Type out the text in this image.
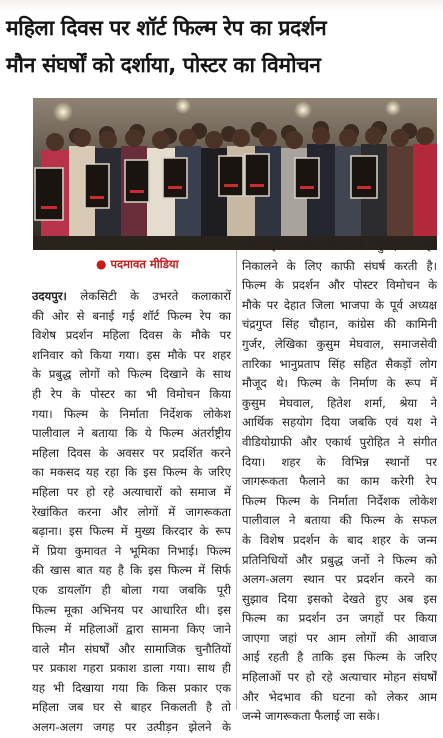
महिला दिवस पर शॉर्ट फिल्म रेप का प्रदर्शन
मौन संघर्षों को दर्शाया, पोस्टर का विमोचन
● पदमावत मीडिया
उदयपुर। लेकसिटी के उभरते कलाकारों
की ओर से बनाई गई शॉर्ट फिल्म रेप का
विशेष प्रदर्शन महिला दिवस के मौके पर
शनिवार को किया गया। इस मौके पर शहर
के प्रबुद्ध लोगों को फिल्म दिखाने के साथ
ही रेप के पोस्टर का भी विमोचन किया
गया। फिल्म के निर्माता निर्देशक लोकेश
पालीवाल ने बताया कि ये फिल्म अंतर्राष्ट्रीय
महिला दिवस के अवसर पर प्रदर्शित करने
का मकसद यह रहा कि इस फिल्म के जरिए
महिला पर हो रहे अत्याचारों को समाज में
रेखांकित करना और लोगों में जागरूकता
बढ़ाना। इस फिल्म में मुख्य किरदार के रूप
में प्रिया कुमावत ने भूमिका निभाई। फिल्म
की खास बात यह है कि इस फिल्म में सिर्फ
एक डायलॉग ही बोला गया जबकि पूरी
फिल्म मूका अभिनय पर आधारित थी। इस
फिल्म में महिलाओं द्वारा सामना किए जाने
वाले मौन संघर्षों और सामाजिक चुनौतियों
पर प्रकाश गहरा प्रकाश डाला गया। साथ ही
यह भी दिखाया गया कि किस प्रकार एक
महिला जब घर से बाहर निकलती है तो
अलग-अलग जगह पर उत्पीड़न झेलने के
साथ ही अपने आप को सुरक्षित बाहर
निकालने के लिए काफी संघर्ष करती है।
फिल्म के प्रदर्शन और पोस्टर विमोचन के
मौके पर देहात जिला भाजपा के पूर्व अध्यक्ष
चंद्रगुप्त सिंह चौहान, कांग्रेस की कामिनी
गुर्जर, लेखिका कुसुम मेघवाल, समाजसेवी
तारिका भानुप्रताप सिंह सहित सैकड़ों लोग
मौजूद थे। फिल्म के निर्माण के रूप में
कुसुम मेघवाल, हितेश शर्मा, श्रेया ने
आर्थिक सहयोग दिया जबकि एवं यश ने
वीडियोग्राफी और एकार्थ पुरोहित ने संगीत
दिया। शहर के विभिन्न स्थानों पर
जागरूकता फैलाने का काम करेगी रेप
फिल्म फिल्म के निर्माता निर्देशक लोकेश
पालीवाल ने बताया की फिल्म के सफल
के विशेष प्रदर्शन के बाद शहर के जन्म
प्रतिनिधियों और प्रबुद्ध जनों ने फिल्म को
अलग-अलग स्थान पर प्रदर्शन करने का
सुझाव दिया इसको देखते हुए अब इस
फिल्म का प्रदर्शन उन जगहों पर किया
जाएगा जहां पर आम लोगों की आवाज
आई रहती है ताकि इस फिल्म के जरिए
महिलाओं पर हो रहे अत्याचार मोहन संघर्षों
और भेदभाव की घटना को लेकर आम
जन्मे जागरूकता फैलाई जा सके।
